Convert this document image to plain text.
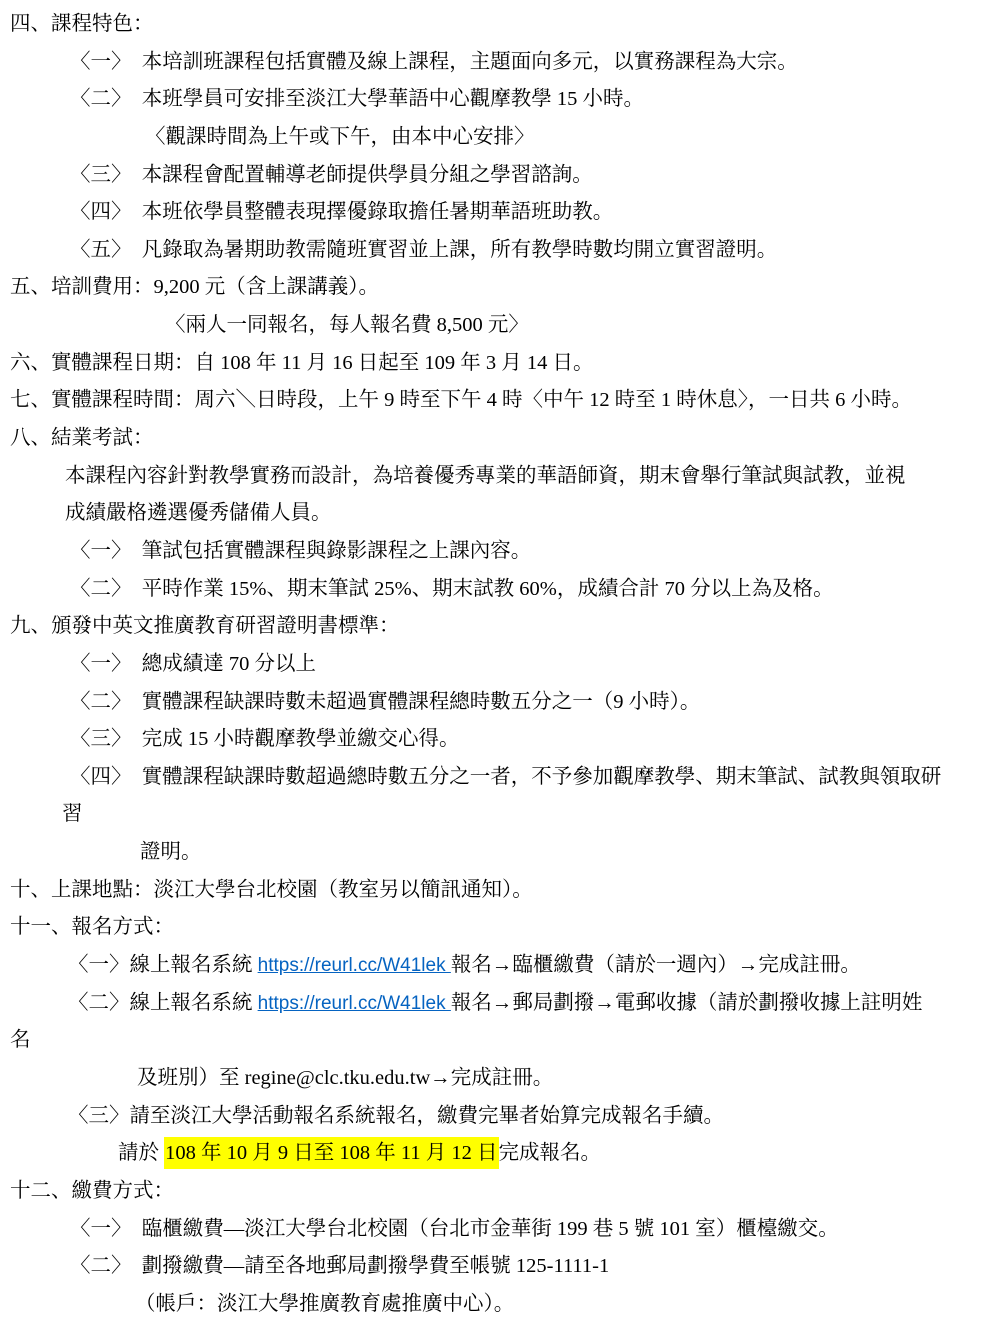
四、課程特色：
〈一〉  本培訓班課程包括實體及線上課程，主題面向多元，以實務課程為大宗。
〈二〉  本班學員可安排至淡江大學華語中心觀摩教學 15 小時。
〈觀課時間為上午或下午，由本中心安排〉
〈三〉  本課程會配置輔導老師提供學員分組之學習諮詢。
〈四〉  本班依學員整體表現擇優錄取擔任暑期華語班助教。
〈五〉  凡錄取為暑期助教需隨班實習並上課，所有教學時數均開立實習證明。
五、培訓費用：9,200 元（含上課講義）。
〈兩人一同報名，每人報名費 8,500 元〉
六、實體課程日期：自 108 年 11 月 16 日起至 109 年 3 月 14 日。
七、實體課程時間：周六＼日時段，上午 9 時至下午 4 時〈中午 12 時至 1 時休息〉，一日共 6 小時。
八、結業考試：
本課程內容針對教學實務而設計，為培養優秀專業的華語師資，期末會舉行筆試與試教，並視
成績嚴格遴選優秀儲備人員。
〈一〉  筆試包括實體課程與錄影課程之上課內容。
〈二〉  平時作業 15%、期末筆試 25%、期末試教 60%，成績合計 70 分以上為及格。
九、頒發中英文推廣教育研習證明書標準：
〈一〉  總成績達 70 分以上
〈二〉  實體課程缺課時數未超過實體課程總時數五分之一（9 小時）。
〈三〉  完成 15 小時觀摩教學並繳交心得。
〈四〉  實體課程缺課時數超過總時數五分之一者，不予參加觀摩教學、期末筆試、試教與領取研
習
證明。
十、上課地點：淡江大學台北校園（教室另以簡訊通知）。
十一、報名方式：
〈一〉線上報名系統 https://reurl.cc/W41lek 報名→臨櫃繳費（請於一週內）→完成註冊。
〈二〉線上報名系統 https://reurl.cc/W41lek 報名→郵局劃撥→電郵收據（請於劃撥收據上註明姓
名
及班別）至 regine@clc.tku.edu.tw→完成註冊。
〈三〉請至淡江大學活動報名系統報名，繳費完畢者始算完成報名手續。
請於 108 年 10 月 9 日至 108 年 11 月 12 日完成報名。
十二、繳費方式：
〈一〉  臨櫃繳費—淡江大學台北校園（台北市金華街 199 巷 5 號 101 室）櫃檯繳交。
〈二〉  劃撥繳費—請至各地郵局劃撥學費至帳號 125-1111-1
（帳戶：淡江大學推廣教育處推廣中心）。
